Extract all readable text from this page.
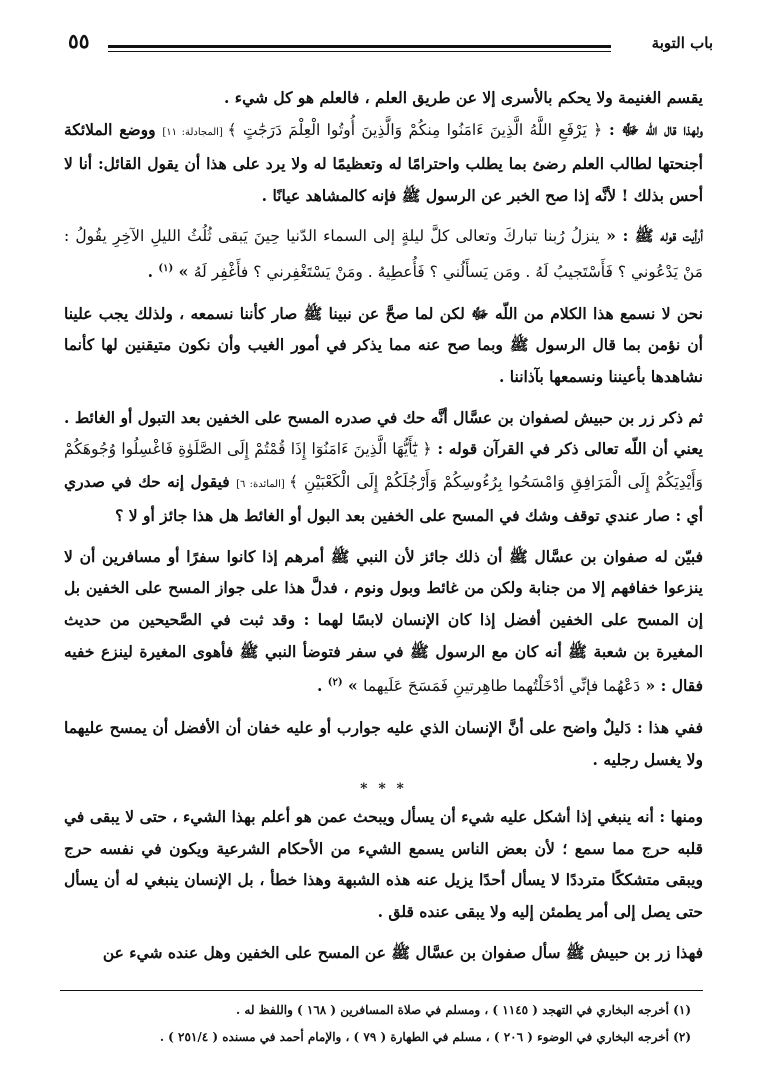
باب التوبة
٥٥

يقسم الغنيمة ولا يحكم بالأسرى إلا عن طريق العلم ، فالعلم هو كل شيء .

ولهذا قال اللّه ﷻ : ﴿ يَرْفَعِ اللَّهُ الَّذِينَ ءَامَنُوا مِنكُمْ وَالَّذِينَ أُوتُوا الْعِلْمَ دَرَجَٰتٍ ﴾ [المجادلة: ١١] ووضع الملائكة أجنحتها لطالب العلم رضئ بما يطلب واحترامًا له وتعظيمًا له ولا يرد على هذا أن يقول القائل: أنا لا أحس بذلك ! لأنَّه إذا صح الخبر عن الرسول ﷺ فإنه كالمشاهد عيانًا .

أرأيت قوله ﷺ : « ينزلُ رُبنا تباركَ وتعالى كلَّ ليلةٍ إلى السماء الدّنيا حِينَ يَبقى ثُلُثُ الليلِ الآخِرِ يقُولُ : مَنْ يَدْعُوني ؟ فَأَسْتَجيبُ لَهُ . ومَن يَسأَلُني ؟ فَأُعطِيهُ . ومَنْ يَسْتَغْفِرني ؟ فأَغْفِر لَهُ » $^{(١)}$ .

نحن لا نسمع هذا الكلام من اللّه ﷻ لكن لما صحَّ عن نبينا ﷺ صار كأننا نسمعه ، ولذلك يجب علينا أن نؤمن بما قال الرسول ﷺ وبما صح عنه مما يذكر في أمور الغيب وأن نكون متيقنين لها كأنما نشاهدها بأعيننا ونسمعها بآذاننا .

ثم ذكر زر بن حبيش لصفوان بن عسَّال أنَّه حك في صدره المسح على الخفين بعد التبول أو الغائط .

يعني أن اللّه تعالى ذكر في القرآن قوله : ﴿ يَٰٓأَيُّهَا الَّذِينَ ءَامَنُوٓا إِذَا قُمْتُمْ إِلَى الصَّلَوٰةِ فَاغْسِلُوا وُجُوهَكُمْ وَأَيْدِيَكُمْ إِلَى الْمَرَافِقِ وَامْسَحُوا بِرُءُوسِكُمْ وَأَرْجُلَكُمْ إِلَى الْكَعْبَيْنِ ﴾ [المائدة: ٦] فيقول إنه حك في صدري أي : صار عندي توقف وشك في المسح على الخفين بعد البول أو الغائط هل هذا جائز أو لا ؟

فبيّن له صفوان بن عسَّال ﷺ أن ذلك جائز لأن النبي ﷺ أمرهم إذا كانوا سفرًا أو مسافرين أن لا ينزعوا خفافهم إلا من جنابة ولكن من غائط وبول ونوم ، فدلَّ هذا على جواز المسح على الخفين بل إن المسح على الخفين أفضل إذا كان الإنسان لابسًا لهما : وقد ثبت في الصَّحيحين من حديث المغيرة بن شعبة ﷺ أنه كان مع الرسول ﷺ في سفر فتوضأ النبي ﷺ فأهوى المغيرة لينزع خفيه فقال : « دَعْهُما فإنِّي أدْخَلْتُهما طاهِرتينِ فَمَسَحَ عَلَيهما » $^{(٢)}$ .

ففي هذا : دَليلٌ واضح على أنَّ الإنسان الذي عليه جوارب أو عليه خفان أن الأفضل أن يمسح عليهما ولا يغسل رجليه .

* * *

ومنها : أنه ينبغي إذا أشكل عليه شيء أن يسأل ويبحث عمن هو أعلم بهذا الشيء ، حتى لا يبقى في قلبه حرج مما سمع ؛ لأن بعض الناس يسمع الشيء من الأحكام الشرعية ويكون في نفسه حرج ويبقى متشككًا مترددًا لا يسأل أحدًا يزيل عنه هذه الشبهة وهذا خطأ ، بل الإنسان ينبغي له أن يسأل حتى يصل إلى أمر يطمئن إليه ولا يبقى عنده قلق .

فهذا زر بن حبيش ﷺ سأل صفوان بن عسَّال ﷺ عن المسح على الخفين وهل عنده شيء عن

(١) أخرجه البخاري في التهجد ( ١١٤٥ ) ، ومسلم في صلاة المسافرين ( ١٦٨ ) واللفظ له .

(٢) أخرجه البخاري في الوضوء ( ٢٠٦ ) ، مسلم في الطهارة ( ٧٩ ) ، والإمام أحمد في مسنده ( ٢٥١/٤ ) .
